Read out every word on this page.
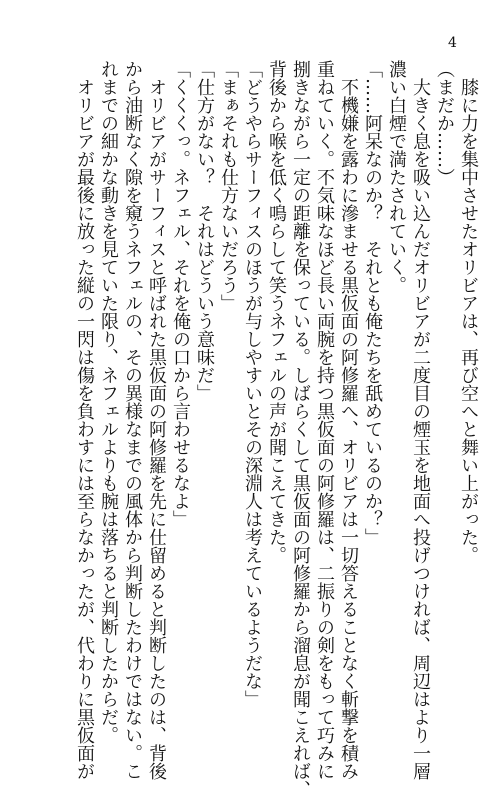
4
膝に力を集中させたオリビアは、再び空へと舞い上がった。
（まだか……）
大きく息を吸い込んだオリビアが二度目の煙玉を地面へ投げつければ、周辺はより一層
濃い白煙で満たされていく。
「……阿呆なのか？　それとも俺たちを舐めているのか？」
不機嫌を露わに滲ませる黒仮面の阿修羅へ、オリビアは一切答えることなく斬撃を積み
重ねていく。不気味なほど長い両腕を持つ黒仮面の阿修羅は、二振りの剣をもって巧みに
捌きながら一定の距離を保っている。しばらくして黒仮面の阿修羅から溜息が聞こえれば、
背後から喉を低く鳴らして笑うネフェルの声が聞こえてきた。
「どうやらサーフィスのほうが与しやすいとその深淵人は考えているようだな」
「まぁそれも仕方ないだろう」
「仕方がない？　それはどういう意味だ」
「くくくっ。ネフェル、それを俺の口から言わせるなよ」
オリビアがサーフィスと呼ばれた黒仮面の阿修羅を先に仕留めると判断したのは、背後
から油断なく隙を窺うネフェルの、その異様なまでの風体から判断したわけではない。こ
れまでの細かな動きを見ていた限り、ネフェルよりも腕は落ちると判断したからだ。
オリビアが最後に放った縦の一閃は傷を負わすには至らなかったが、代わりに黒仮面が
